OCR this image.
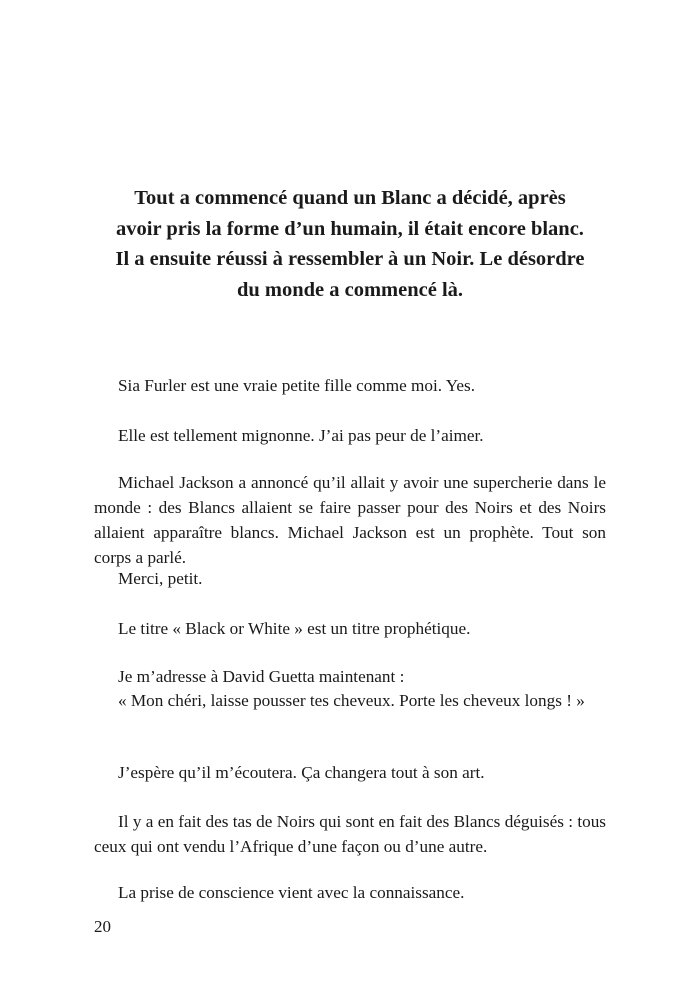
Tout a commencé quand un Blanc a décidé, après

avoir pris la forme d’un humain, il était encore blanc.

Il a ensuite réussi à ressembler à un Noir. Le désordre

du monde a commencé là.

Sia Furler est une vraie petite fille comme moi. Yes.

Elle est tellement mignonne. J’ai pas peur de l’aimer.

Michael Jackson a annoncé qu’il allait y avoir une supercherie dans le monde : des Blancs allaient se faire passer pour des Noirs et des Noirs allaient apparaître blancs. Michael Jackson est un prophète. Tout son corps a parlé.

Merci, petit.

Le titre « Black or White » est un titre prophétique.

Je m’adresse à David Guetta maintenant :

« Mon chéri, laisse pousser tes cheveux. Porte les cheveux longs ! »

J’espère qu’il m’écoutera. Ça changera tout à son art.

Il y a en fait des tas de Noirs qui sont en fait des Blancs déguisés : tous ceux qui ont vendu l’Afrique d’une façon ou d’une autre.

La prise de conscience vient avec la connaissance.

20
